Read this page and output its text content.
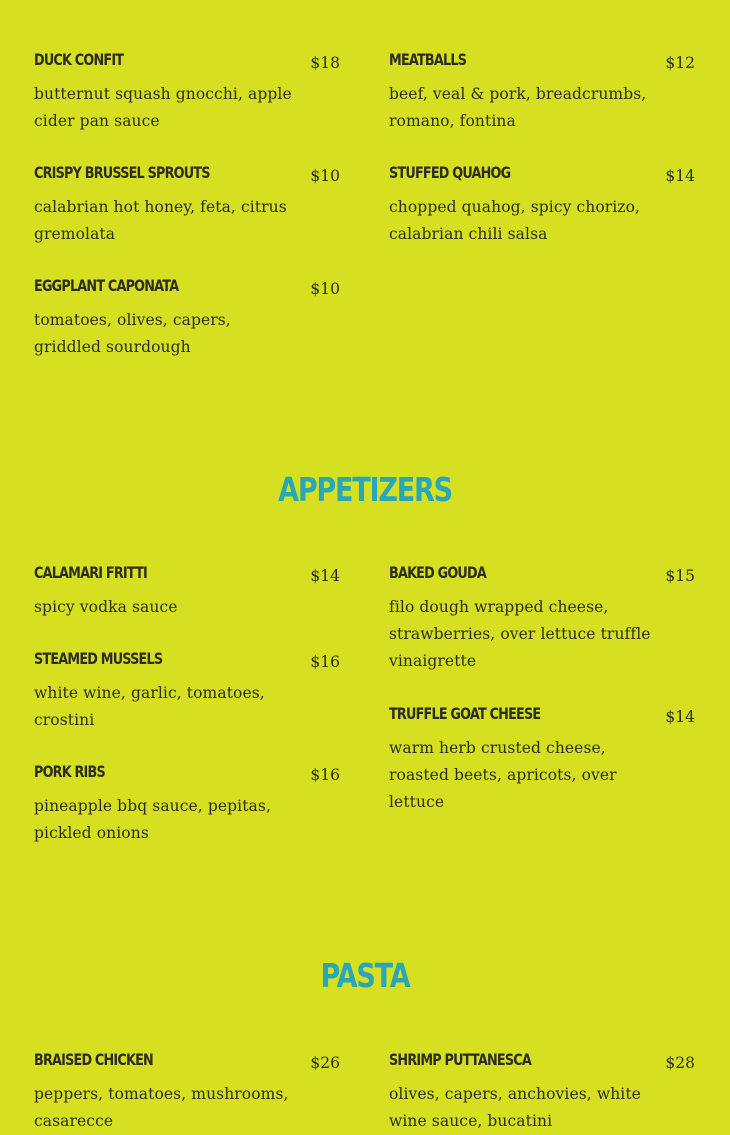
DUCK CONFIT	$18
butternut squash gnocchi, apple cider pan sauce
CRISPY BRUSSEL SPROUTS	$10
calabrian hot honey, feta, citrus gremolata
EGGPLANT CAPONATA	$10
tomatoes, olives, capers, griddled sourdough
MEATBALLS	$12
beef, veal & pork, breadcrumbs, romano, fontina
STUFFED QUAHOG	$14
chopped quahog, spicy chorizo, calabrian chili salsa
APPETIZERS
CALAMARI FRITTI	$14
spicy vodka sauce
STEAMED MUSSELS	$16
white wine, garlic, tomatoes, crostini
PORK RIBS	$16
pineapple bbq sauce, pepitas, pickled onions
BAKED GOUDA	$15
filo dough wrapped cheese, strawberries, over lettuce truffle vinaigrette
TRUFFLE GOAT CHEESE	$14
warm herb crusted cheese, roasted beets, apricots, over lettuce
PASTA
BRAISED CHICKEN	$26
peppers, tomatoes, mushrooms, casarecce
SHRIMP PUTTANESCA	$28
olives, capers, anchovies, white wine sauce, bucatini
